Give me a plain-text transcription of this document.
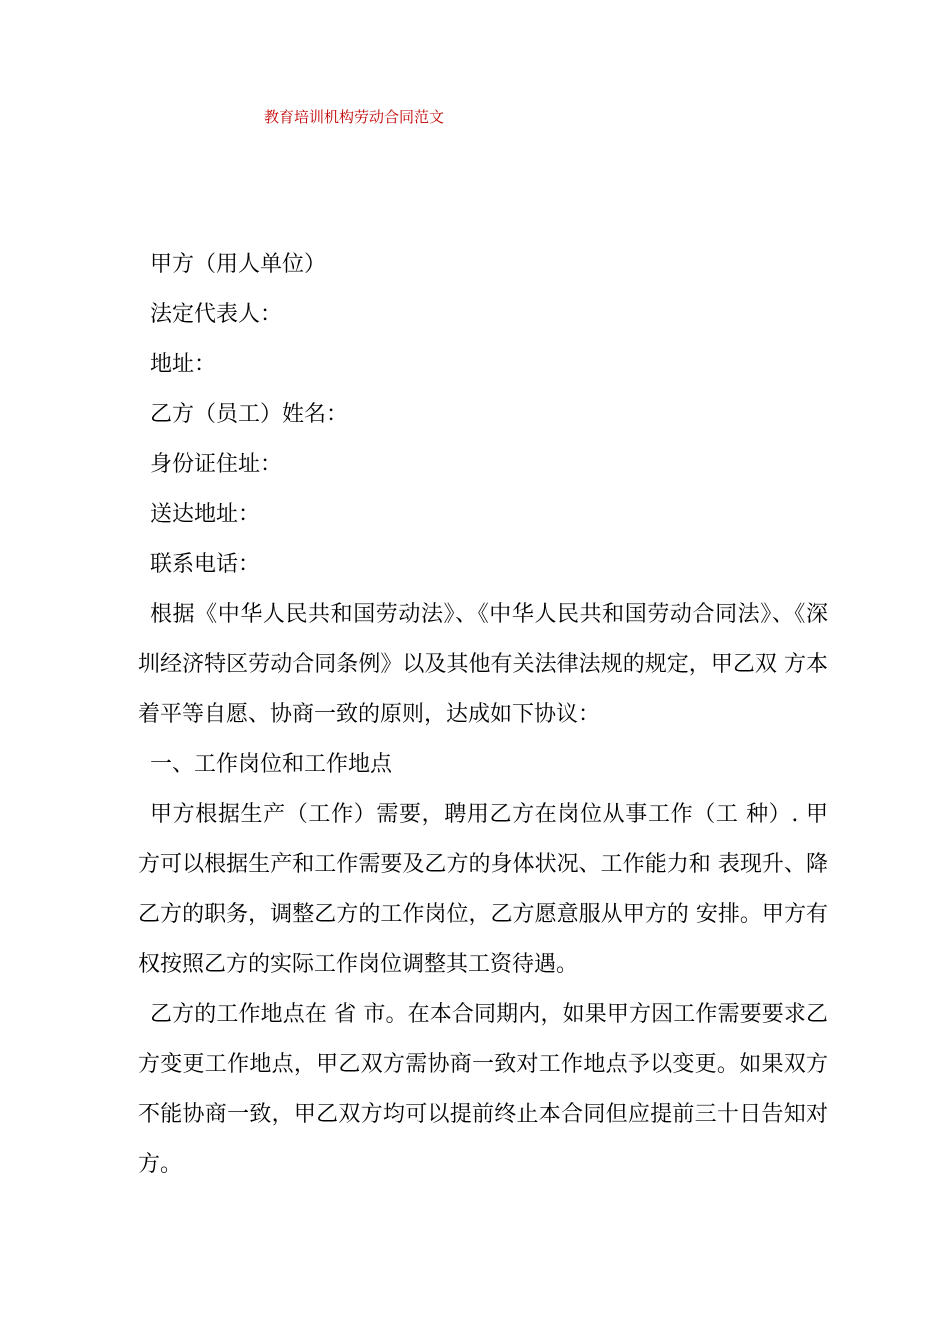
教育培训机构劳动合同范文

甲方（用人单位）

法定代表人：

地址：

乙方（员工）姓名：

身份证住址：

送达地址：

联系电话：

根据《中华人民共和国劳动法》、《中华人民共和国劳动合同法》、《深 圳经济特区劳动合同条例》以及其他有关法律法规的规定，甲乙双 方本着平等自愿、协商一致的原则，达成如下协议：

一、工作岗位和工作地点

甲方根据生产（工作）需要，聘用乙方在岗位从事工作（工 种）. 甲方可以根据生产和工作需要及乙方的身体状况、工作能力和 表现升、降乙方的职务，调整乙方的工作岗位，乙方愿意服从甲方的 安排。甲方有权按照乙方的实际工作岗位调整其工资待遇。

乙方的工作地点在 省 市。在本合同期内，如果甲方因工作需要要求乙方变更工作地点，甲乙双方需协商一致对工作地点予以变更。如果双方不能协商一致，甲乙双方均可以提前终止本合同但应提前三十日告知对方。
